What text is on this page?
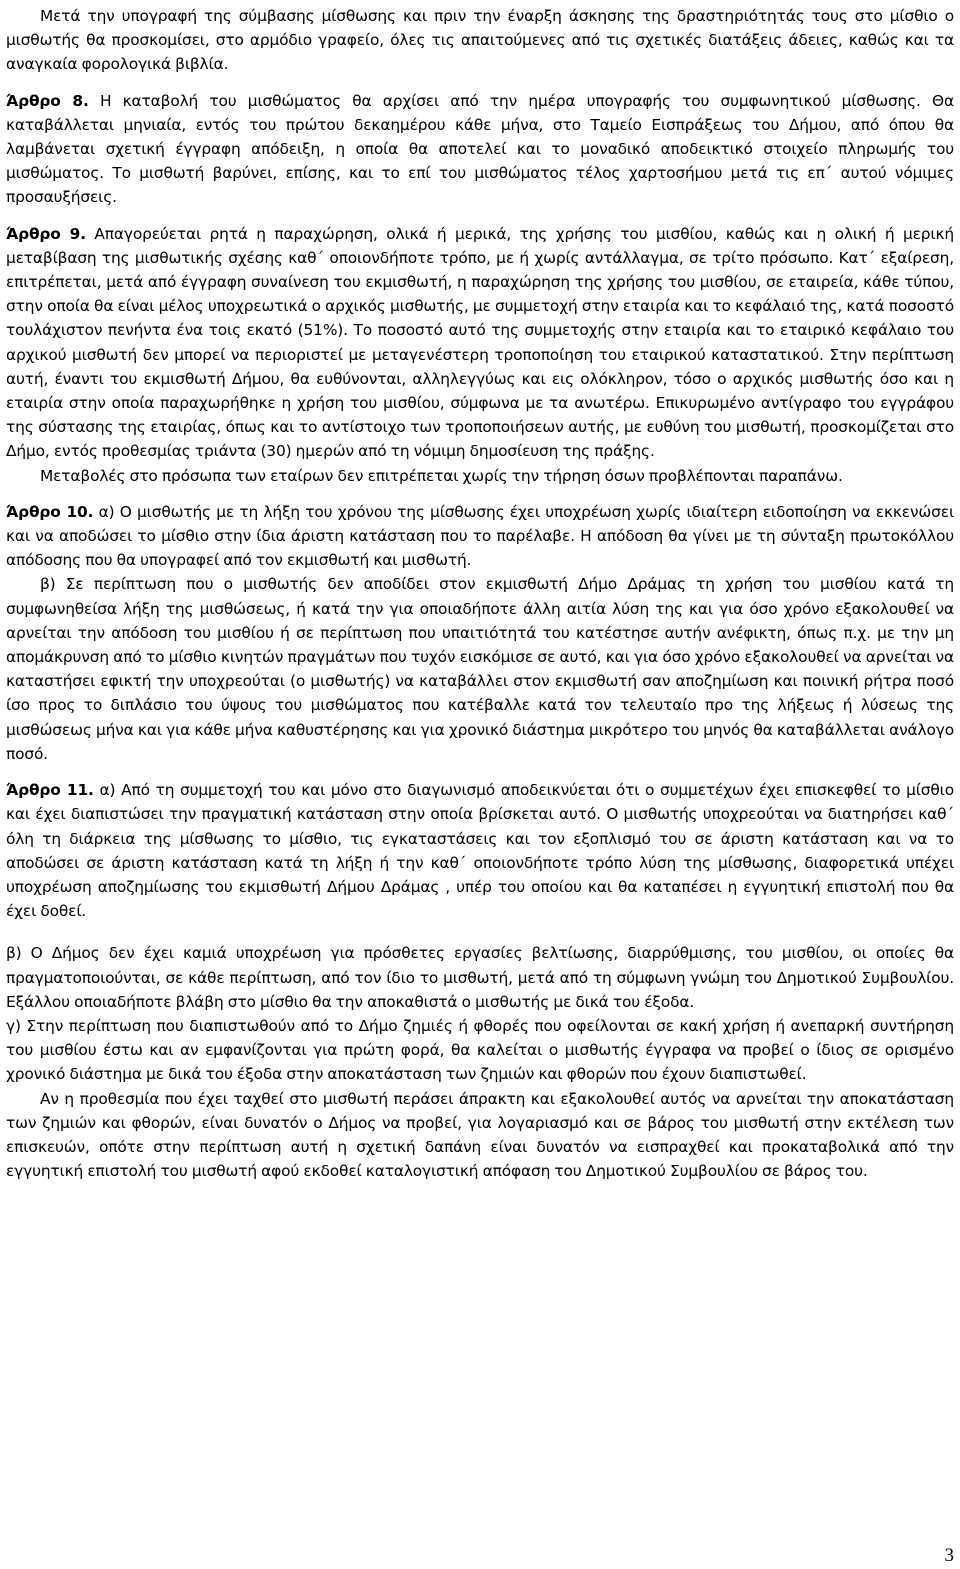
Μετά την υπογραφή της σύμβασης μίσθωσης και πριν την έναρξη άσκησης της δραστηριότητάς τους στο μίσθιο ο μισθωτής θα προσκομίσει, στο αρμόδιο γραφείο, όλες τις απαιτούμενες από τις σχετικές διατάξεις άδειες, καθώς και τα αναγκαία φορολογικά βιβλία.

Άρθρο 8. Η καταβολή του μισθώματος θα αρχίσει από την ημέρα υπογραφής του συμφωνητικού μίσθωσης. Θα καταβάλλεται μηνιαία, εντός του πρώτου δεκαημέρου κάθε μήνα, στο Ταμείο Εισπράξεως του Δήμου, από όπου θα λαμβάνεται σχετική έγγραφη απόδειξη, η οποία θα αποτελεί και το μοναδικό αποδεικτικό στοιχείο πληρωμής του μισθώματος. Το μισθωτή βαρύνει, επίσης, και το επί του μισθώματος τέλος χαρτοσήμου μετά τις επ΄ αυτού νόμιμες προσαυξήσεις.

Άρθρο 9. Απαγορεύεται ρητά η παραχώρηση, ολικά ή μερικά, της χρήσης του μισθίου, καθώς και η ολική ή μερική μεταβίβαση της μισθωτικής σχέσης καθ΄ οποιονδήποτε τρόπο, με ή χωρίς αντάλλαγμα, σε τρίτο πρόσωπο. Κατ΄ εξαίρεση, επιτρέπεται, μετά από έγγραφη συναίνεση του εκμισθωτή, η παραχώρηση της χρήσης του μισθίου, σε εταιρεία, κάθε τύπου, στην οποία θα είναι μέλος υποχρεωτικά ο αρχικός μισθωτής, με συμμετοχή στην εταιρία και το κεφάλαιό της, κατά ποσοστό τουλάχιστον πενήντα ένα τοις εκατό (51%). Το ποσοστό αυτό της συμμετοχής στην εταιρία και το εταιρικό κεφάλαιο του αρχικού μισθωτή δεν μπορεί να περιοριστεί με μεταγενέστερη τροποποίηση του εταιρικού καταστατικού. Στην περίπτωση αυτή, έναντι του εκμισθωτή Δήμου, θα ευθύνονται, αλληλεγγύως και εις ολόκληρον, τόσο ο αρχικός μισθωτής όσο και η εταιρία στην οποία παραχωρήθηκε η χρήση του μισθίου, σύμφωνα με τα ανωτέρω. Επικυρωμένο αντίγραφο του εγγράφου της σύστασης της εταιρίας, όπως και το αντίστοιχο των τροποποιήσεων αυτής, με ευθύνη του μισθωτή, προσκομίζεται στο Δήμο, εντός προθεσμίας τριάντα (30) ημερών από τη νόμιμη δημοσίευση της πράξης.

Μεταβολές στο πρόσωπα των εταίρων δεν επιτρέπεται χωρίς την τήρηση όσων προβλέπονται παραπάνω.

Άρθρο 10. α) Ο μισθωτής με τη λήξη του χρόνου της μίσθωσης έχει υποχρέωση χωρίς ιδιαίτερη ειδοποίηση να εκκενώσει και να αποδώσει το μίσθιο στην ίδια άριστη κατάσταση που το παρέλαβε. Η απόδοση θα γίνει με τη σύνταξη πρωτοκόλλου απόδοσης που θα υπογραφεί από τον εκμισθωτή και μισθωτή.

β) Σε περίπτωση που ο μισθωτής δεν αποδίδει στον εκμισθωτή Δήμο Δράμας τη χρήση του μισθίου κατά τη συμφωνηθείσα λήξη της μισθώσεως, ή κατά την για οποιαδήποτε άλλη αιτία λύση της και για όσο χρόνο εξακολουθεί να αρνείται την απόδοση του μισθίου ή σε περίπτωση που υπαιτιότητά του κατέστησε αυτήν ανέφικτη, όπως π.χ. με την μη απομάκρυνση από το μίσθιο κινητών πραγμάτων που τυχόν εισκόμισε σε αυτό, και για όσο χρόνο εξακολουθεί να αρνείται να καταστήσει εφικτή την υποχρεούται (ο μισθωτής) να καταβάλλει στον εκμισθωτή σαν αποζημίωση και ποινική ρήτρα ποσό ίσο προς το διπλάσιο του ύψους του μισθώματος που κατέβαλλε κατά τον τελευταίο προ της λήξεως ή λύσεως της μισθώσεως μήνα και για κάθε μήνα καθυστέρησης και για χρονικό διάστημα μικρότερο του μηνός θα καταβάλλεται ανάλογο ποσό.

Άρθρο 11. α) Από τη συμμετοχή του και μόνο στο διαγωνισμό αποδεικνύεται ότι ο συμμετέχων έχει επισκεφθεί το μίσθιο και έχει διαπιστώσει την πραγματική κατάσταση στην οποία βρίσκεται αυτό. Ο μισθωτής υποχρεούται να διατηρήσει καθ΄ όλη τη διάρκεια της μίσθωσης το μίσθιο, τις εγκαταστάσεις και τον εξοπλισμό του σε άριστη κατάσταση και να το αποδώσει σε άριστη κατάσταση κατά τη λήξη ή την καθ΄ οποιονδήποτε τρόπο λύση της μίσθωσης, διαφορετικά υπέχει υποχρέωση αποζημίωσης του εκμισθωτή Δήμου Δράμας , υπέρ του οποίου και θα καταπέσει η εγγυητική επιστολή που θα έχει δοθεί.

β) Ο Δήμος δεν έχει καμιά υποχρέωση για πρόσθετες εργασίες βελτίωσης, διαρρύθμισης, του μισθίου, οι οποίες θα πραγματοποιούνται, σε κάθε περίπτωση, από τον ίδιο το μισθωτή, μετά από τη σύμφωνη γνώμη του Δημοτικού Συμβουλίου. Εξάλλου οποιαδήποτε βλάβη στο μίσθιο θα την αποκαθιστά ο μισθωτής με δικά του έξοδα.

γ) Στην περίπτωση που διαπιστωθούν από το Δήμο ζημιές ή φθορές που οφείλονται σε κακή χρήση ή ανεπαρκή συντήρηση του μισθίου έστω και αν εμφανίζονται για πρώτη φορά, θα καλείται ο μισθωτής έγγραφα να προβεί ο ίδιος σε ορισμένο χρονικό διάστημα με δικά του έξοδα στην αποκατάσταση των ζημιών και φθορών που έχουν διαπιστωθεί.

Αν η προθεσμία που έχει ταχθεί στο μισθωτή περάσει άπρακτη και εξακολουθεί αυτός να αρνείται την αποκατάσταση των ζημιών και φθορών, είναι δυνατόν ο Δήμος να προβεί, για λογαριασμό και σε βάρος του μισθωτή στην εκτέλεση των επισκευών, οπότε στην περίπτωση αυτή η σχετική δαπάνη είναι δυνατόν να εισπραχθεί και προκαταβολικά από την εγγυητική επιστολή του μισθωτή αφού εκδοθεί καταλογιστική απόφαση του Δημοτικού Συμβουλίου σε βάρος του.

3
